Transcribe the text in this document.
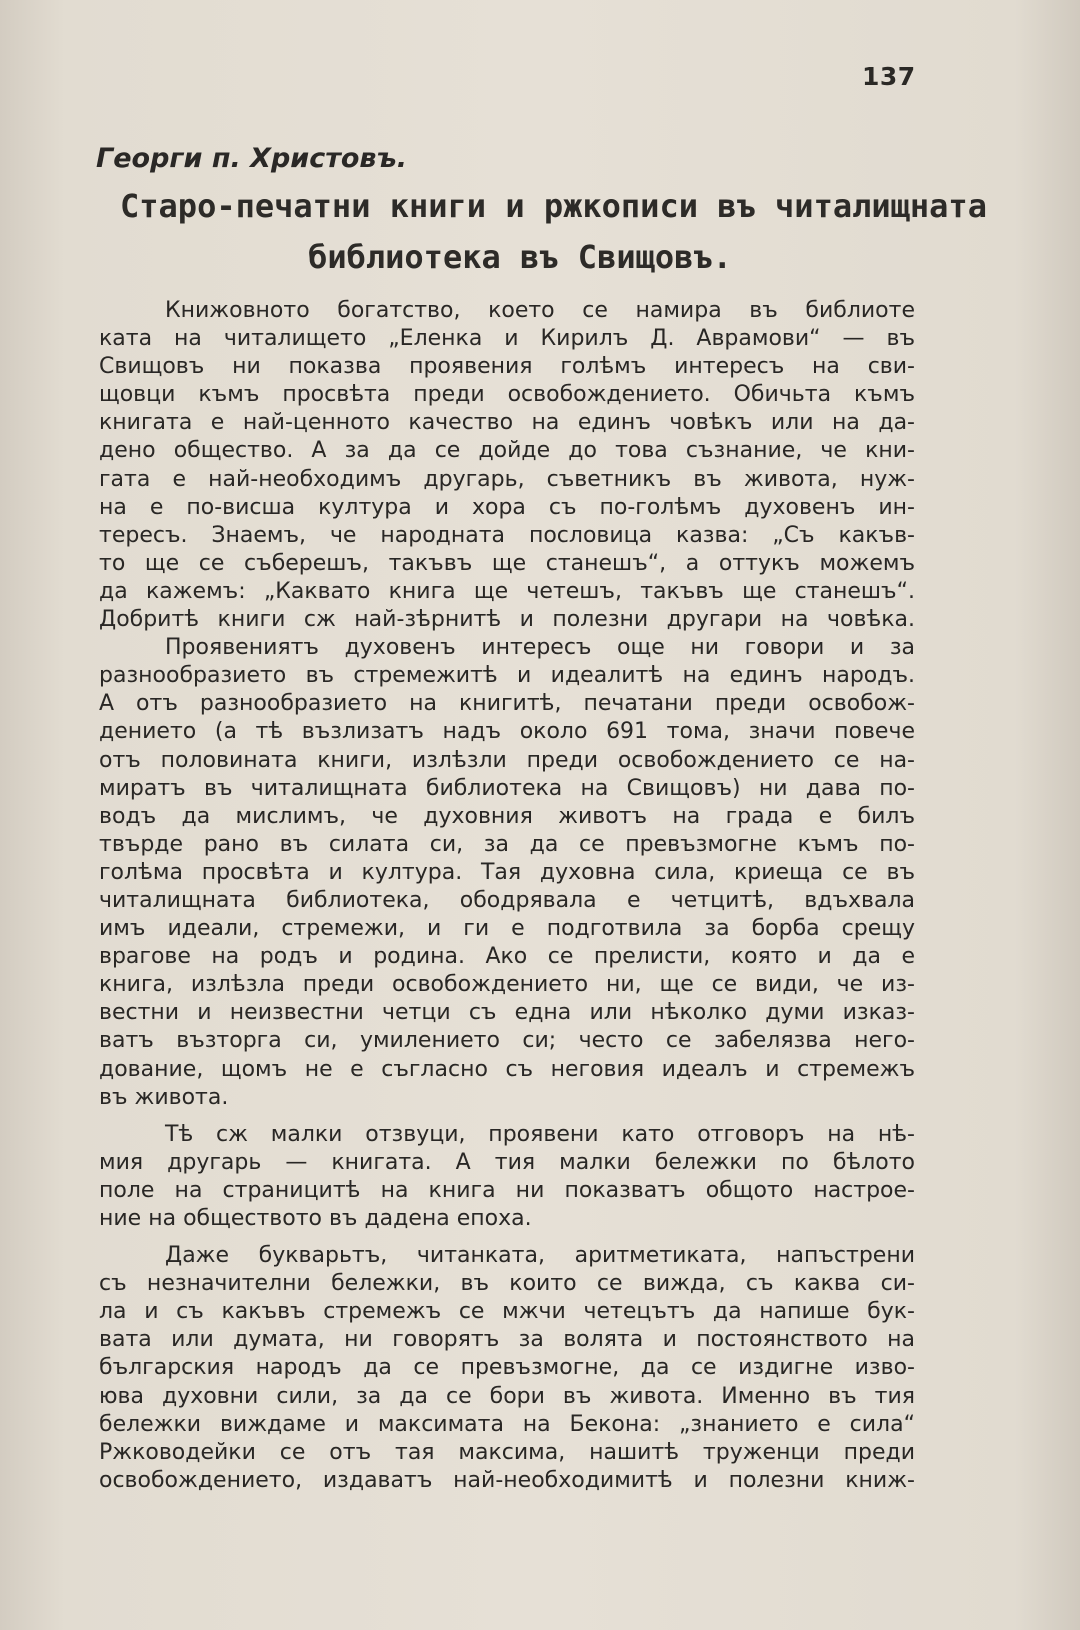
137
Георги п. Христовъ.
Старо-печатни книги и ржкописи въ читалищната
библиотека въ Свищовъ.
Книжовното богатство, което се намира въ библиоте
ката на читалището „Еленка и Кирилъ Д. Аврамови“ — въ
Свищовъ ни показва проявения голѣмъ интересъ на сви-
щовци къмъ просвѣта преди освобождението. Обичьта къмъ
книгата е най-ценното качество на единъ човѣкъ или на да-
дено общество. А за да се дойде до това съзнание, че кни-
гата е най-необходимъ другарь, съветникъ въ живота, нуж-
на е по-висша култура и хора съ по-голѣмъ духовенъ ин-
тересъ. Знаемъ, че народната пословица казва: „Съ какъв-
то ще се съберешъ, такъвъ ще станешъ“, а оттукъ можемъ
да кажемъ: „Каквато книга ще четешъ, такъвъ ще станешъ“.
Добритѣ книги сж най-зѣрнитѣ и полезни другари на човѣка.
Проявениятъ духовенъ интересъ още ни говори и за
разнообразието въ стремежитѣ и идеалитѣ на единъ народъ.
А отъ разнообразието на книгитѣ, печатани преди освобож-
дението (а тѣ възлизатъ надъ около 691 тома, значи повече
отъ половината книги, излѣзли преди освобождението се на-
миратъ въ читалищната библиотека на Свищовъ) ни дава по-
водъ да мислимъ, че духовния животъ на града е билъ
твърде рано въ силата си, за да се превъзмогне къмъ по-
голѣма просвѣта и култура. Тая духовна сила, криеща се въ
читалищната библиотека, ободрявала е четцитѣ, вдъхвала
имъ идеали, стремежи, и ги е подготвила за борба срещу
врагове на родъ и родина. Ако се прелисти, която и да е
книга, излѣзла преди освобождението ни, ще се види, че из-
вестни и неизвестни четци съ една или нѣколко думи изказ-
ватъ възторга си, умилението си; често се забелязва него-
дование, щомъ не е съгласно съ неговия идеалъ и стремежъ
въ живота.
Тѣ сж малки отзвуци, проявени като отговоръ на нѣ-
мия другарь — книгата. А тия малки бележки по бѣлото
поле на страницитѣ на книга ни показватъ общото настрое-
ние на обществото въ дадена епоха.
Даже букварьтъ, читанката, аритметиката, напъстрени
съ незначителни бележки, въ които се вижда, съ каква си-
ла и съ какъвъ стремежъ се мжчи четецътъ да напише бук-
вата или думата, ни говорятъ за волята и постоянството на
българския народъ да се превъзмогне, да се издигне изво-
юва духовни сили, за да се бори въ живота. Именно въ тия
бележки виждаме и максимата на Бекона: „знанието е сила“
Ржководейки се отъ тая максима, нашитѣ труженци преди
освобождението, издаватъ най-необходимитѣ и полезни книж-
